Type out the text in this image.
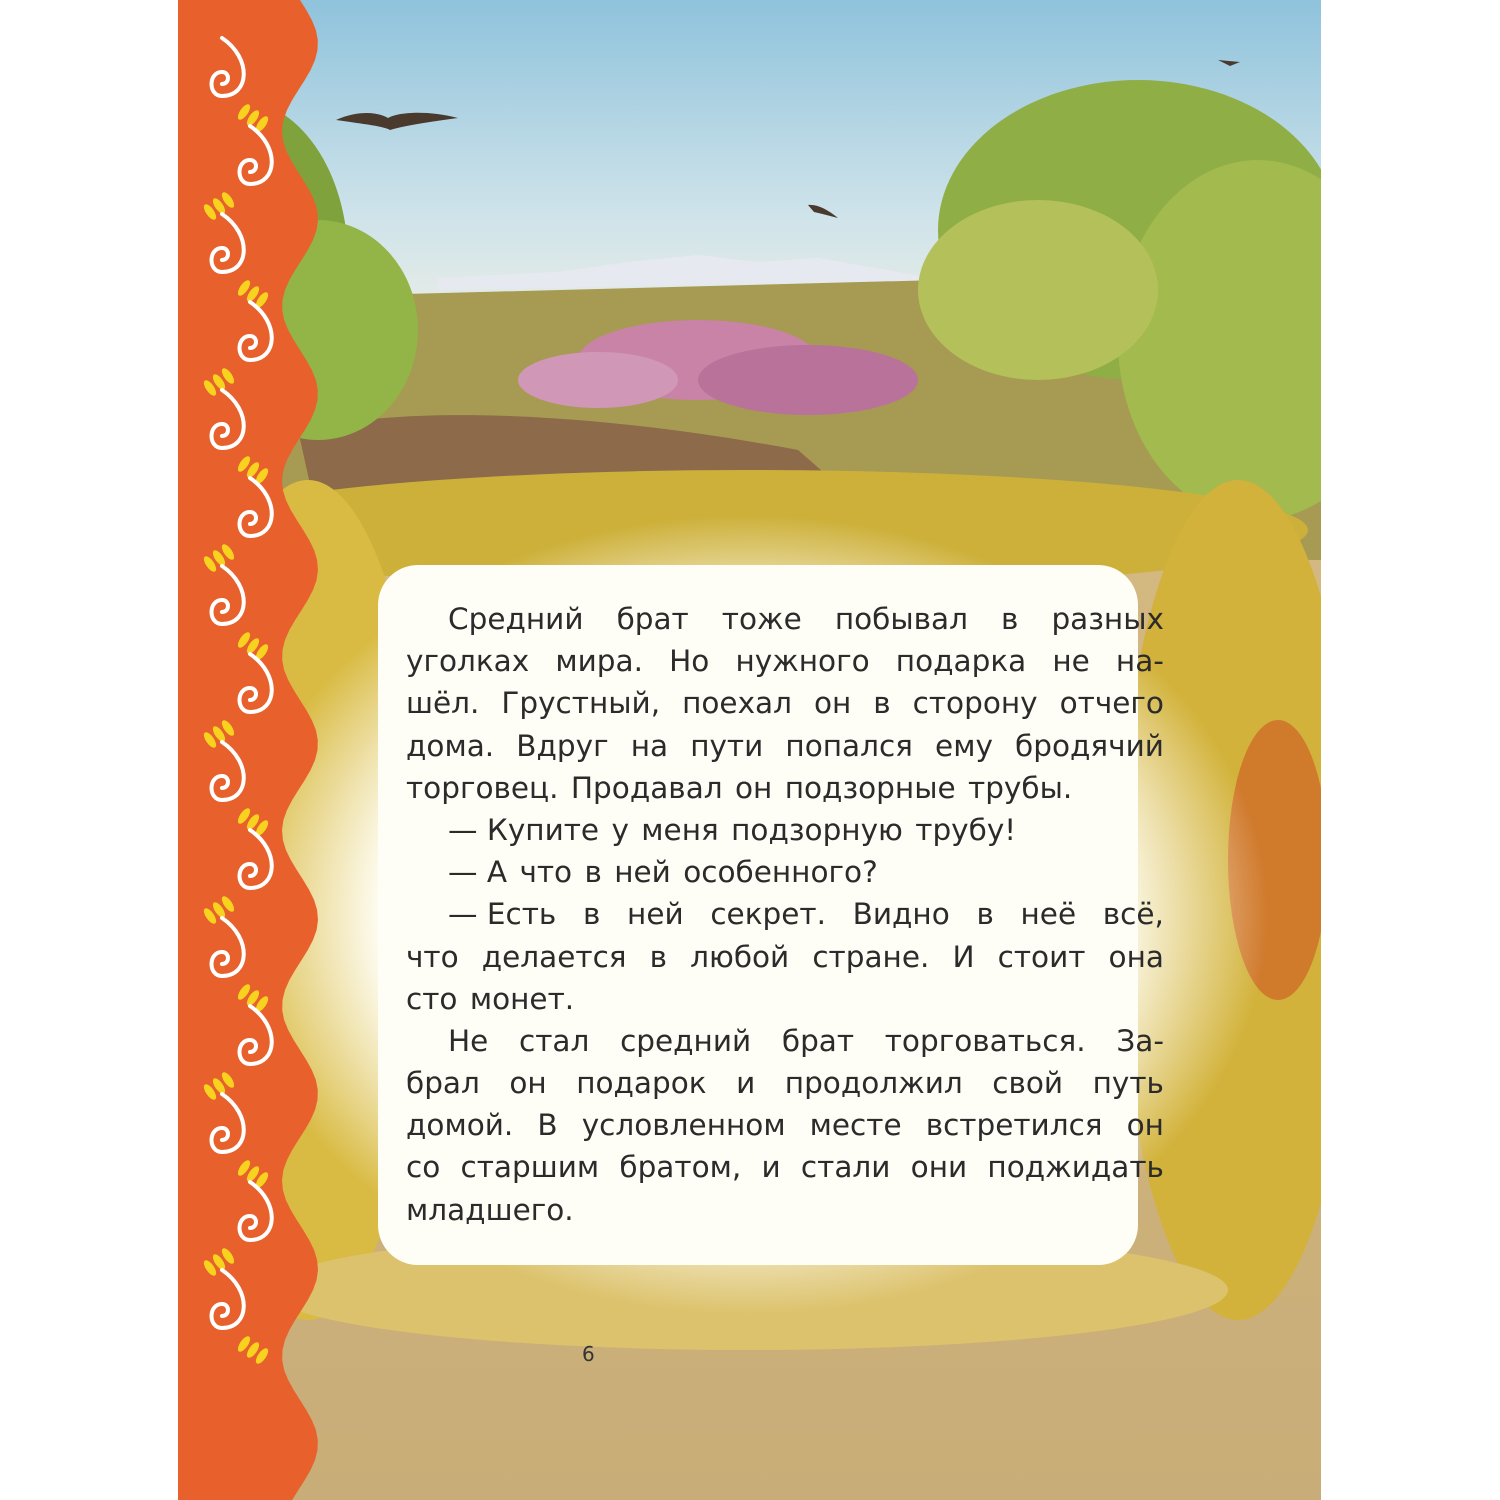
Средний брат тоже побывал в разных
уголках мира. Но нужного подарка не на-
шёл. Грустный, поехал он в сторону отчего
дома. Вдруг на пути попался ему бродячий
торговец. Продавал он подзорные трубы.
— Купите у меня подзорную трубу!
— А что в ней особенного?
— Есть в ней секрет. Видно в неё всё,
что делается в любой стране. И стоит она
сто монет.
Не стал средний брат торговаться. За-
брал он подарок и продолжил свой путь
домой. В условленном месте встретился он
со старшим братом, и стали они поджидать
младшего.
6
